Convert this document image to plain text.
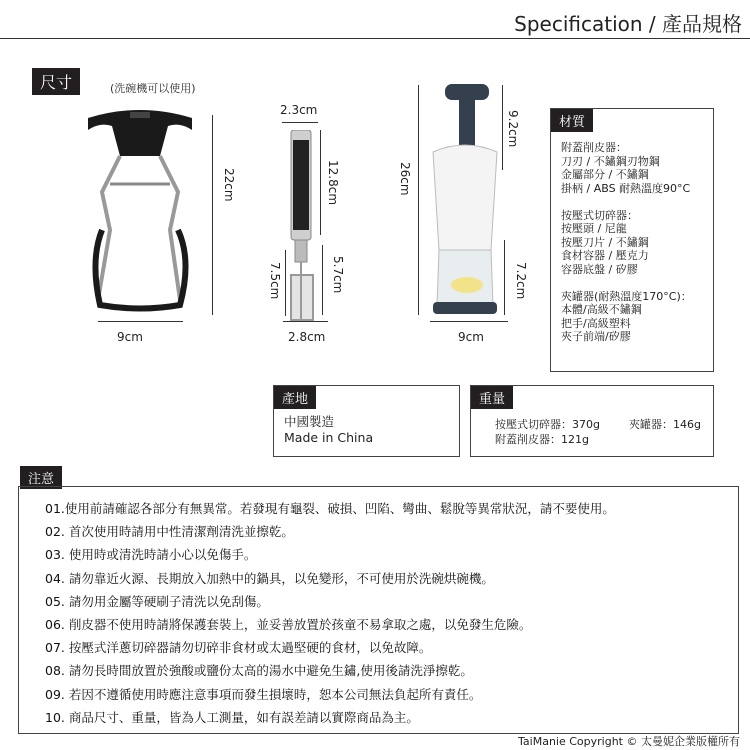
Specification / 產品規格
尺寸	(洗碗機可以使用)
22cm
9cm
2.3cm
12.8cm
5.7cm
7.5cm
2.8cm
26cm
9.2cm
7.2cm
9cm
材質
附蓋削皮器：
刀刃 / 不鏽鋼刃物鋼
金屬部分 / 不鏽鋼
掛柄 / ABS 耐熱溫度90°C
按壓式切碎器：
按壓頭 / 尼龍
按壓刀片 / 不鏽鋼
食材容器 / 壓克力
容器底盤 / 矽膠
夾罐器(耐熱溫度170°C)：
本體/高級不鏽鋼
把手/高級塑料
夾子前端/矽膠
產地
中國製造
Made in China
重量
按壓式切碎器：370g	夾罐器：146g
附蓋削皮器：121g
注意
01.使用前請確認各部分有無異常。若發現有龜裂、破損、凹陷、彎曲、鬆脫等異常狀況，請不要使用。
02. 首次使用時請用中性清潔劑清洗並擦乾。
03. 使用時或清洗時請小心以免傷手。
04. 請勿靠近火源、長期放入加熱中的鍋具，以免變形，不可使用於洗碗烘碗機。
05. 請勿用金屬等硬刷子清洗以免刮傷。
06. 削皮器不使用時請將保護套裝上，並妥善放置於孩童不易拿取之處，以免發生危險。
07. 按壓式洋蔥切碎器請勿切碎非食材或太過堅硬的食材，以免故障。
08. 請勿長時間放置於強酸或鹽份太高的湯水中避免生鏽,使用後請洗淨擦乾。
09. 若因不遵循使用時應注意事項而發生損壞時，恕本公司無法負起所有責任。
10. 商品尺寸、重量，皆為人工測量，如有誤差請以實際商品為主。
TaiManie Copyright © 太曼妮企業版權所有
